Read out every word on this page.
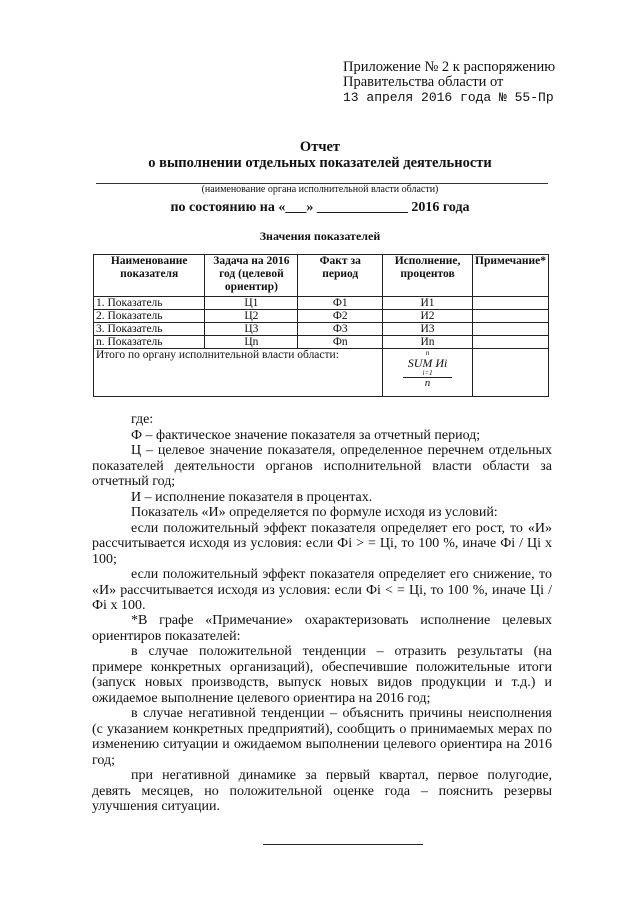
Приложение № 2 к распоряжению
Правительства области от
13 апреля 2016 года № 55-Пр
Отчет
о выполнении отдельных показателей деятельности
(наименование органа исполнительной власти области)
по состоянию на «___» _____________ 2016 года
Значения показателей
Наименование показателя	Задача на 2016 год (целевой ориентир)	Факт за период	Исполнение, процентов	Примечание*
1. Показатель	Ц1	Ф1	И1	
2. Показатель	Ц2	Ф2	И2	
3. Показатель	Ц3	Ф3	И3	
n. Показатель	Цn	Фn	Иn	
Итого по органу исполнительной власти области:			n
SUM Иi
i=1
n	

где:

Ф – фактическое значение показателя за отчетный период;

Ц – целевое значение показателя, определенное перечнем отдельных показателей деятельности органов исполнительной власти области за отчетный год;

И – исполнение показателя в процентах.

Показатель «И» определяется по формуле исходя из условий:

если положительный эффект показателя определяет его рост, то «И» рассчитывается исходя из условия: если Фi > = Цi, то 100 %, иначе Фi / Цi х 100;

если положительный эффект показателя определяет его снижение, то «И» рассчитывается исходя из условия: если Фi < = Цi, то 100 %, иначе Цi / Фi х 100.

*В графе «Примечание» охарактеризовать исполнение целевых ориентиров показателей:

в случае положительной тенденции – отразить результаты (на примере конкретных организаций), обеспечившие положительные итоги (запуск новых производств, выпуск новых видов продукции и т.д.) и ожидаемое выполнение целевого ориентира на 2016 год;

в случае негативной тенденции – объяснить причины неисполнения (с указанием конкретных предприятий), сообщить о принимаемых мерах по изменению ситуации и ожидаемом выполнении целевого ориентира на 2016 год;

при негативной динамике за первый квартал, первое полугодие, девять месяцев, но положительной оценке года – пояснить резервы улучшения ситуации.
